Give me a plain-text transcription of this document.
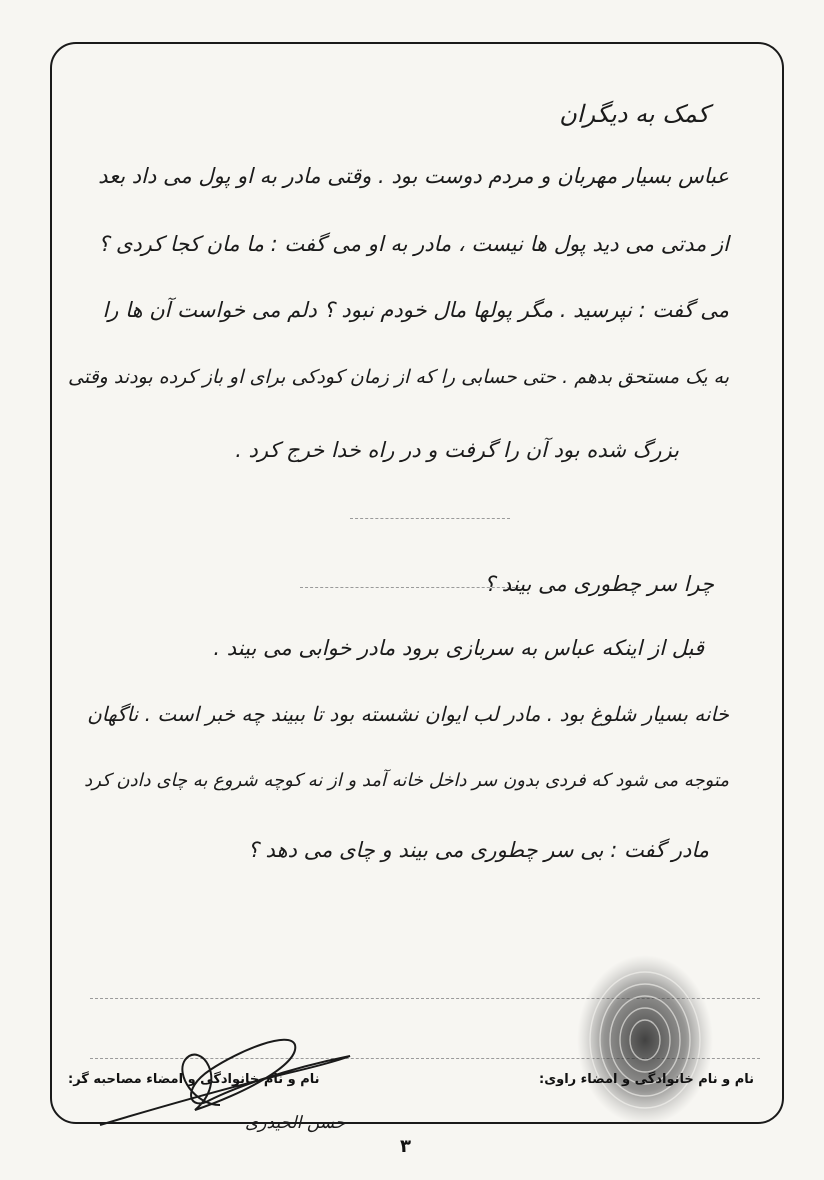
کمک به دیگران
عباس بسیار مهربان و مردم دوست بود . وقتی مادر به او پول می داد بعد
از مدتی می دید پول ها نیست ، مادر به او می گفت : ما مان کجا کردی ؟
می گفت : نپرسید . مگر پولها مال خودم نبود ؟ دلم می خواست آن ها را
به یک مستحق بدهم . حتی حسابی را که از زمان کودکی برای او باز کرده بودند وقتی
بزرگ شده بود آن را گرفت و در راه خدا خرج کرد .
چرا سر چطوری می بیند ؟
قبل از اینکه عباس به سربازی برود مادر خوابی می بیند .
خانه بسیار شلوغ بود . مادر لب ایوان نشسته بود تا ببیند چه خبر است . ناگهان
متوجه می شود که فردی بدون سر داخل خانه آمد و از نه کوچه شروع به چای دادن کرد
مادر گفت : بی سر چطوری می بیند و چای می دهد ؟
نام و نام خانوادگی و امضاء راوی:
نام و نام خانوادگی و امضاء مصاحبه گر:
حسن الحیدری
۳
